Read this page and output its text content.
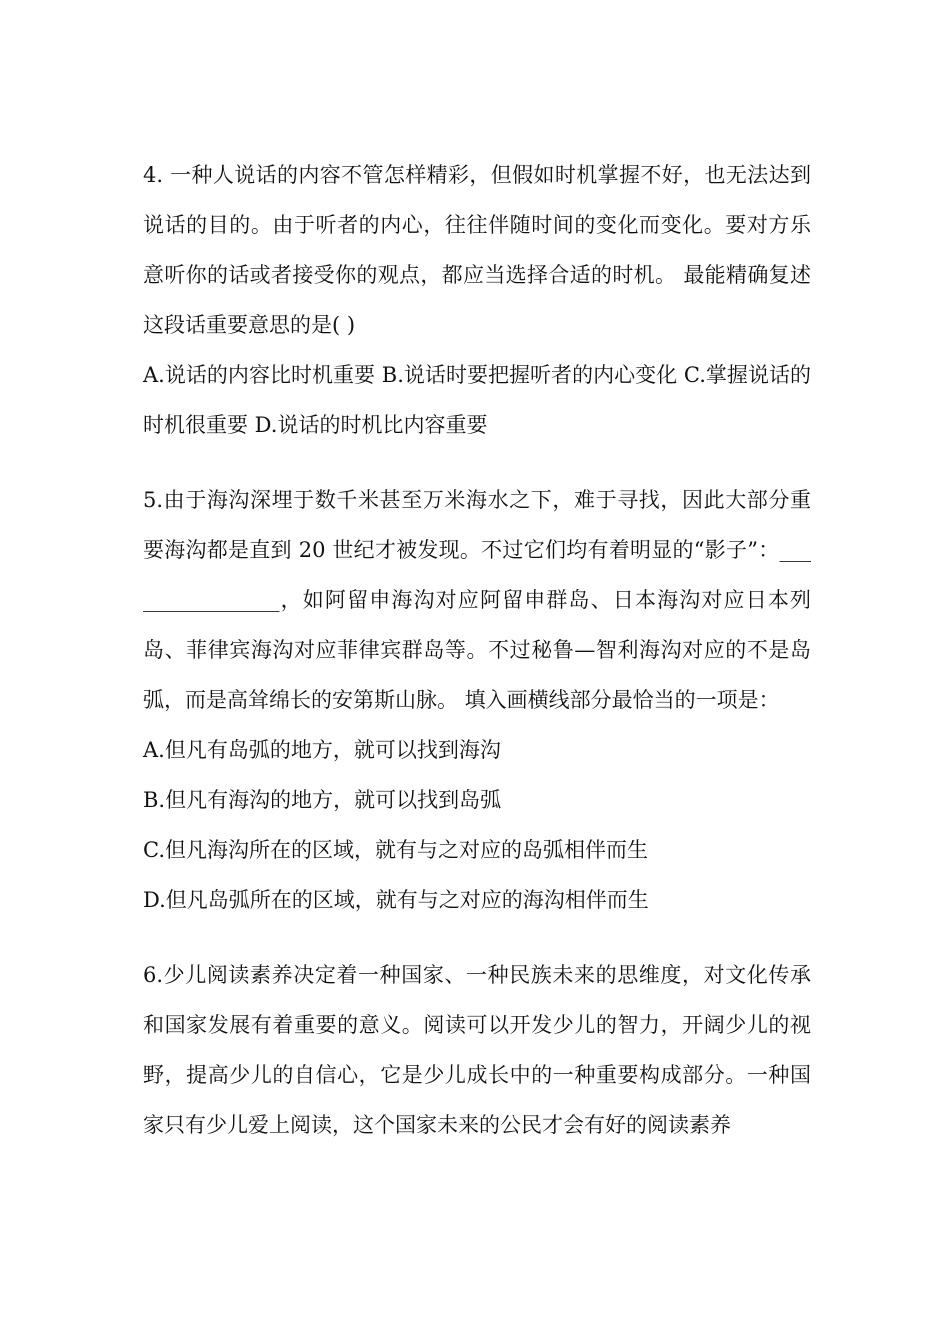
4. 一种人说话的内容不管怎样精彩，但假如时机掌握不好，也无法达到说话的目的。由于听者的内心，往往伴随时间的变化而变化。要对方乐意听你的话或者接受你的观点，都应当选择合适的时机。 最能精确复述这段话重要意思的是( )

A.说话的内容比时机重要 B.说话时要把握听者的内心变化 C.掌握说话的时机很重要 D.说话的时机比内容重要

5.由于海沟深埋于数千米甚至万米海水之下，难于寻找，因此大部分重要海沟都是直到 20 世纪才被发现。不过它们均有着明显的“影子”：________________，如阿留申海沟对应阿留申群岛、日本海沟对应日本列岛、菲律宾海沟对应菲律宾群岛等。不过秘鲁—智利海沟对应的不是岛弧，而是高耸绵长的安第斯山脉。 填入画横线部分最恰当的一项是：

A.但凡有岛弧的地方，就可以找到海沟

B.但凡有海沟的地方，就可以找到岛弧

C.但凡海沟所在的区域，就有与之对应的岛弧相伴而生

D.但凡岛弧所在的区域，就有与之对应的海沟相伴而生

6.少儿阅读素养决定着一种国家、一种民族未来的思维度，对文化传承和国家发展有着重要的意义。阅读可以开发少儿的智力，开阔少儿的视野，提高少儿的自信心，它是少儿成长中的一种重要构成部分。一种国家只有少儿爱上阅读，这个国家未来的公民才会有好的阅读素养
